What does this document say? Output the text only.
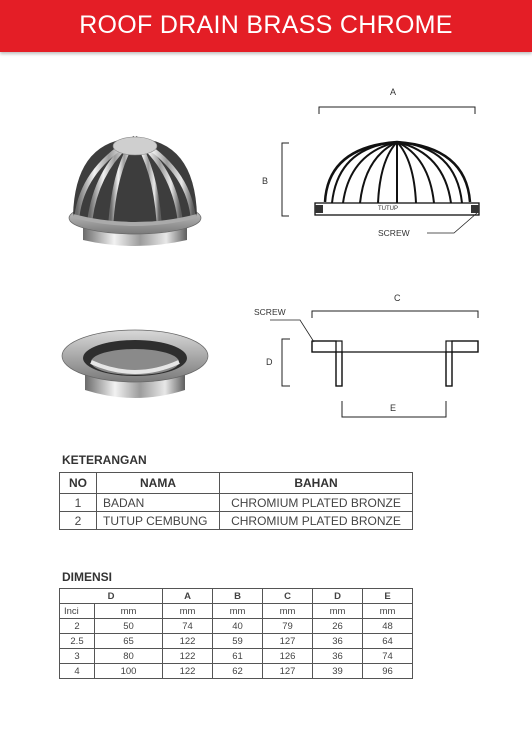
ROOF DRAIN BRASS CHROME
A
B
TUTUP
SCREW
C
D
E
SCREW
KETERANGAN
NO	NAMA	BAHAN
1	BADAN	CHROMIUM PLATED BRONZE
2	TUTUP CEMBUNG	CHROMIUM PLATED BRONZE
DIMENSI
D		A	B	C	D	E
Inci	mm	mm	mm	mm	mm	mm
2	50	74	40	79	26	48
2.5	65	122	59	127	36	64
3	80	122	61	126	36	74
4	100	122	62	127	39	96
